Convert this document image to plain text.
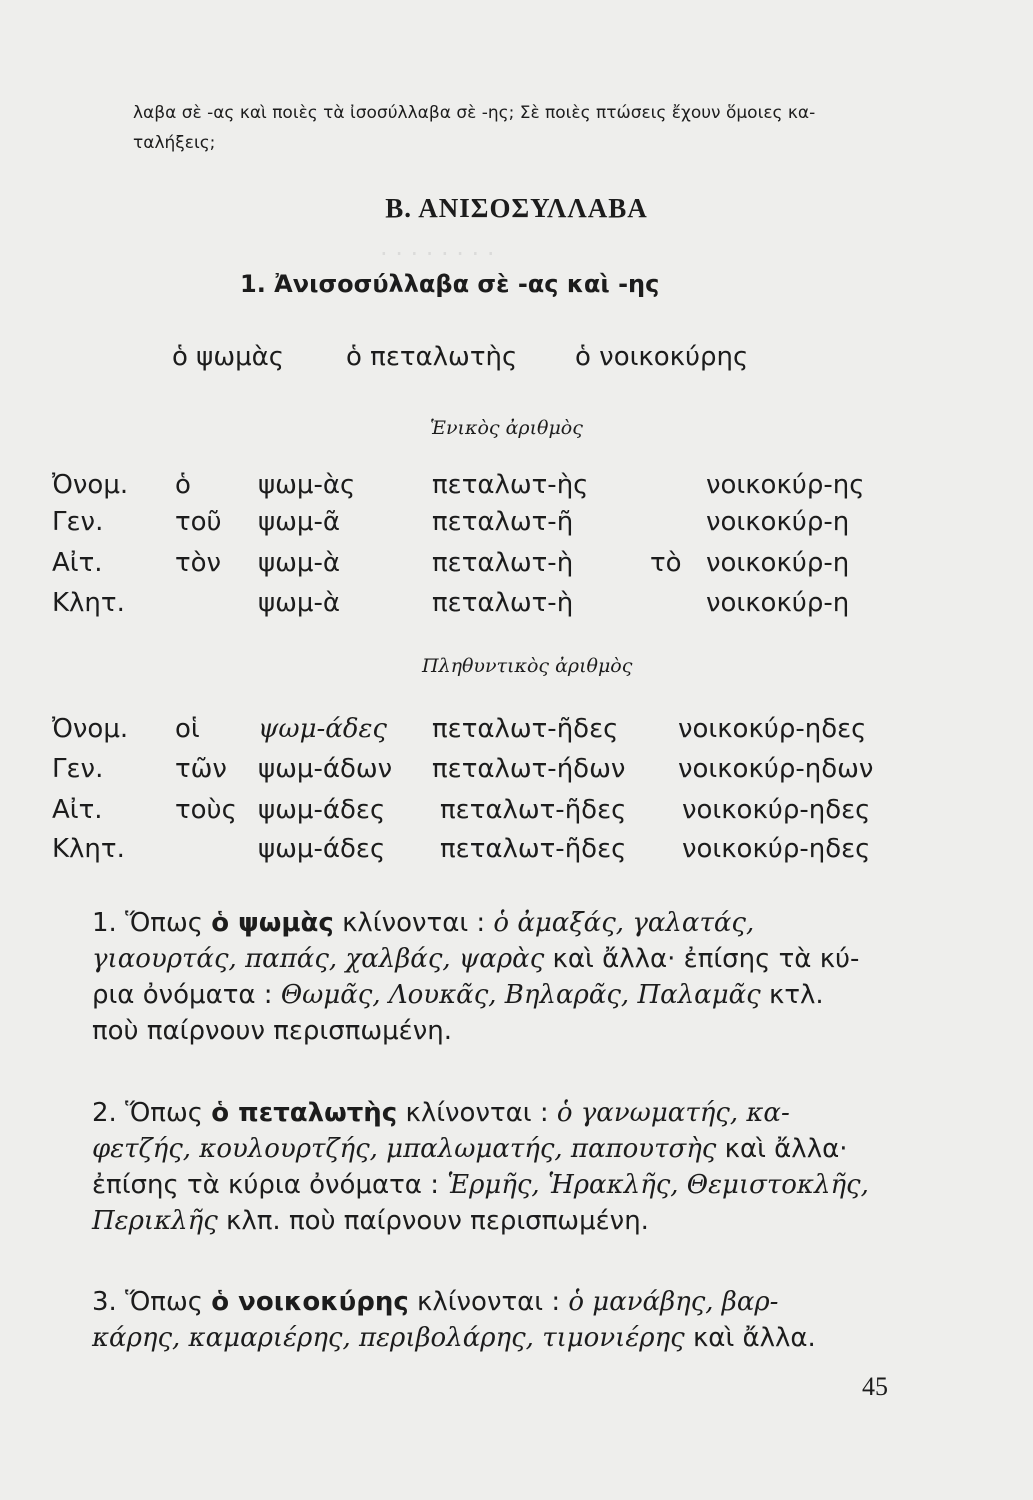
· · · · · · · ·
λαβα σὲ -ας καὶ ποιὲς τὰ ἰσοσύλλαβα σὲ -ης; Σὲ ποιὲς πτώσεις ἔχουν ὅμοιες κα-
ταλήξεις;
Β. ΑΝΙΣΟΣΥΛΛΑΒΑ
1. Ἀνισοσύλλαβα σὲ -ας καὶ -ης
ὁ ψωμὰς ὁ πεταλωτὴς ὁ νοικοκύρης
Ἑνικὸς ἀριθμὸς
Ὀνομ. ὁ	ψωμ-ὰς	πεταλωτ-ὴς	νοικοκύρ-ης
Γεν.	τοῦ ψωμ-ᾶ	πεταλωτ-ῆ	νοικοκύρ-η
Αἰτ.	τὸν ψωμ-ὰ	πεταλωτ-ὴ	τὸ νοικοκύρ-η
Κλητ.	ψωμ-ὰ	πεταλωτ-ὴ	νοικοκύρ-η
Πληθυντικὸς ἀριθμὸς
Ὀνομ. οἱ ψωμ-άδες πεταλωτ-ῆδες νοικοκύρ-ηδες
Γεν.	τῶν ψωμ-άδων πεταλωτ-ήδων νοικοκύρ-ηδων
Αἰτ.	τοὺς ψωμ-άδες πεταλωτ-ῆδες νοικοκύρ-ηδες
Κλητ.	ψωμ-άδες πεταλωτ-ῆδες νοικοκύρ-ηδες
1. Ὅπως ὁ ψωμὰς κλίνονται : ὁ ἀμαξάς, γαλατάς,
γιαουρτάς, παπάς, χαλβάς, ψαρὰς καὶ ἄλλα· ἐπίσης τὰ κύ-
ρια ὀνόματα : Θωμᾶς, Λουκᾶς, Βηλαρᾶς, Παλαμᾶς κτλ.
ποὺ παίρνουν περισπωμένη.
2. Ὅπως ὁ πεταλωτὴς κλίνονται : ὁ γανωματής, κα-
φετζής, κουλουρτζής, μπαλωματής, παπουτσὴς καὶ ἄλλα·
ἐπίσης τὰ κύρια ὀνόματα : Ἑρμῆς, Ἡρακλῆς, Θεμιστοκλῆς,
Περικλῆς κλπ. ποὺ παίρνουν περισπωμένη.
3. Ὅπως ὁ νοικοκύρης κλίνονται : ὁ μανάβης, βαρ-
κάρης, καμαριέρης, περιβολάρης, τιμονιέρης καὶ ἄλλα.
45
